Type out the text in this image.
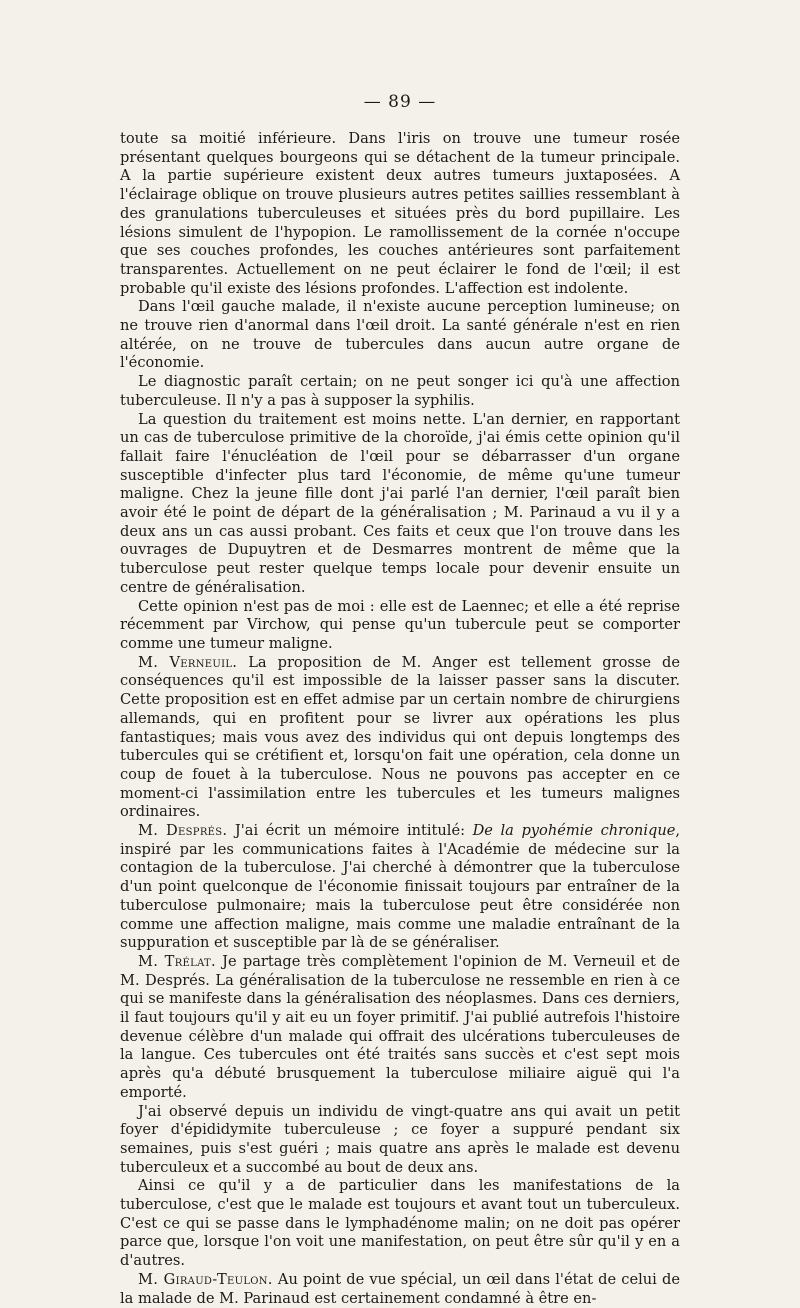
— 89 —

toute sa moitié inférieure. Dans l'iris on trouve une tumeur rosée présentant quelques bourgeons qui se détachent de la tumeur principale. A la partie supérieure existent deux autres tumeurs juxtaposées. A l'éclairage oblique on trouve plusieurs autres petites saillies ressemblant à des granulations tuberculeuses et situées près du bord pupillaire. Les lésions simulent de l'hypopion. Le ramollissement de la cornée n'occupe que ses couches profondes, les couches antérieures sont parfaitement transparentes. Actuellement on ne peut éclairer le fond de l'œil; il est probable qu'il existe des lésions profondes. L'affection est indolente.

Dans l'œil gauche malade, il n'existe aucune perception lumineuse; on ne trouve rien d'anormal dans l'œil droit. La santé générale n'est en rien altérée, on ne trouve de tubercules dans aucun autre organe de l'économie.

Le diagnostic paraît certain; on ne peut songer ici qu'à une affection tuberculeuse. Il n'y a pas à supposer la syphilis.

La question du traitement est moins nette. L'an dernier, en rapportant un cas de tuberculose primitive de la choroïde, j'ai émis cette opinion qu'il fallait faire l'énucléation de l'œil pour se débarrasser d'un organe susceptible d'infecter plus tard l'économie, de même qu'une tumeur maligne. Chez la jeune fille dont j'ai parlé l'an dernier, l'œil paraît bien avoir été le point de départ de la généralisation ; M. Parinaud a vu il y a deux ans un cas aussi probant. Ces faits et ceux que l'on trouve dans les ouvrages de Dupuytren et de Desmarres montrent de même que la tuberculose peut rester quelque temps locale pour devenir ensuite un centre de généralisation.

Cette opinion n'est pas de moi : elle est de Laennec; et elle a été reprise récemment par Virchow, qui pense qu'un tubercule peut se comporter comme une tumeur maligne.

M. Verneuil. La proposition de M. Anger est tellement grosse de conséquences qu'il est impossible de la laisser passer sans la discuter. Cette proposition est en effet admise par un certain nombre de chirurgiens allemands, qui en profitent pour se livrer aux opérations les plus fantastiques; mais vous avez des individus qui ont depuis longtemps des tubercules qui se crétifient et, lorsqu'on fait une opération, cela donne un coup de fouet à la tuberculose. Nous ne pouvons pas accepter en ce moment-ci l'assimilation entre les tubercules et les tumeurs malignes ordinaires.

M. Després. J'ai écrit un mémoire intitulé: De la pyohémie chronique, inspiré par les communications faites à l'Académie de médecine sur la contagion de la tuberculose. J'ai cherché à démontrer que la tuberculose d'un point quelconque de l'économie finissait toujours par entraîner de la tuberculose pulmonaire; mais la tuberculose peut être considérée non comme une affection maligne, mais comme une maladie entraînant de la suppuration et susceptible par là de se généraliser.

M. Trélat. Je partage très complètement l'opinion de M. Verneuil et de M. Després. La généralisation de la tuberculose ne ressemble en rien à ce qui se manifeste dans la généralisation des néoplasmes. Dans ces derniers, il faut toujours qu'il y ait eu un foyer primitif. J'ai publié autrefois l'histoire devenue célèbre d'un malade qui offrait des ulcérations tuberculeuses de la langue. Ces tubercules ont été traités sans succès et c'est sept mois après qu'a débuté brusquement la tuberculose miliaire aiguë qui l'a emporté.

J'ai observé depuis un individu de vingt-quatre ans qui avait un petit foyer d'épididymite tuberculeuse ; ce foyer a suppuré pendant six semaines, puis s'est guéri ; mais quatre ans après le malade est devenu tuberculeux et a succombé au bout de deux ans.

Ainsi ce qu'il y a de particulier dans les manifestations de la tuberculose, c'est que le malade est toujours et avant tout un tuberculeux. C'est ce qui se passe dans le lymphadénome malin; on ne doit pas opérer parce que, lorsque l'on voit une manifestation, on peut être sûr qu'il y en a d'autres.

M. Giraud-Teulon. Au point de vue spécial, un œil dans l'état de celui de la malade de M. Parinaud est certainement condamné à être en-
